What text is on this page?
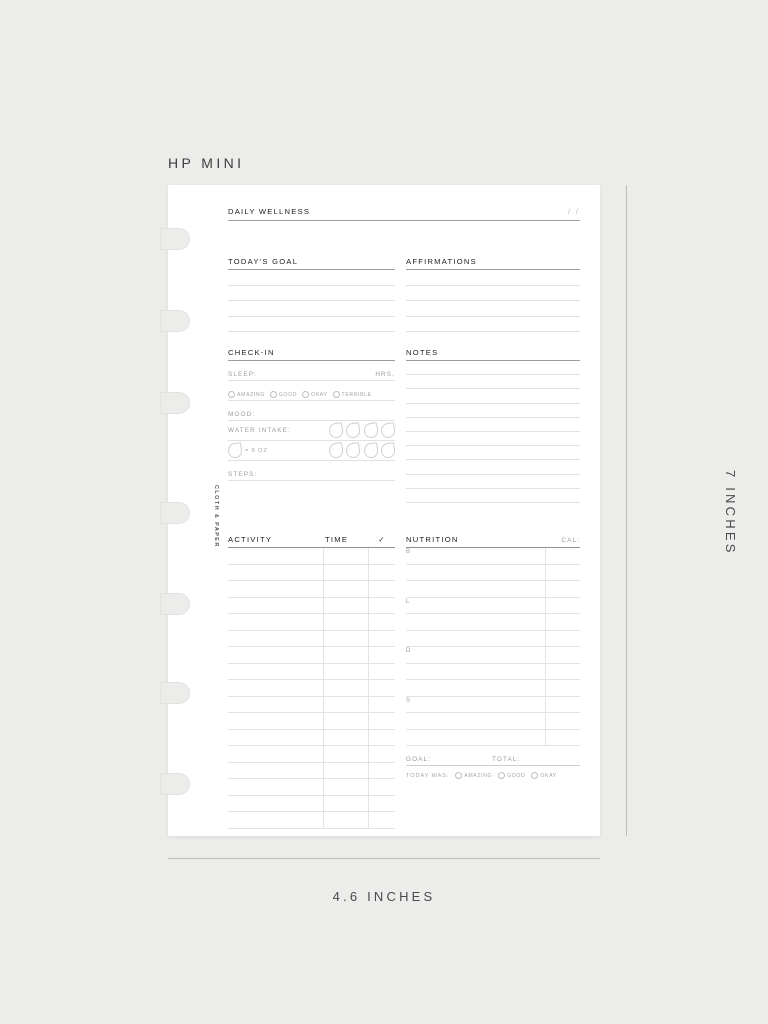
HP MINI
4.6 INCHES
7 INCHES
CLOTH & PAPER
DAILY WELLNESS	/ /
TODAY'S GOAL
CHECK-IN
SLEEP:	HRS.
AMAZING	GOOD	OKAY	TERRIBLE
MOOD:
WATER INTAKE:
= 8 OZ
STEPS:
AFFIRMATIONS
NOTES
ACTIVITY	TIME	✓	NUTRITION	CAL:
B
L
D
S
GOAL:	TOTAL:
TODAY WAS:	AMAZING	GOOD	OKAY
